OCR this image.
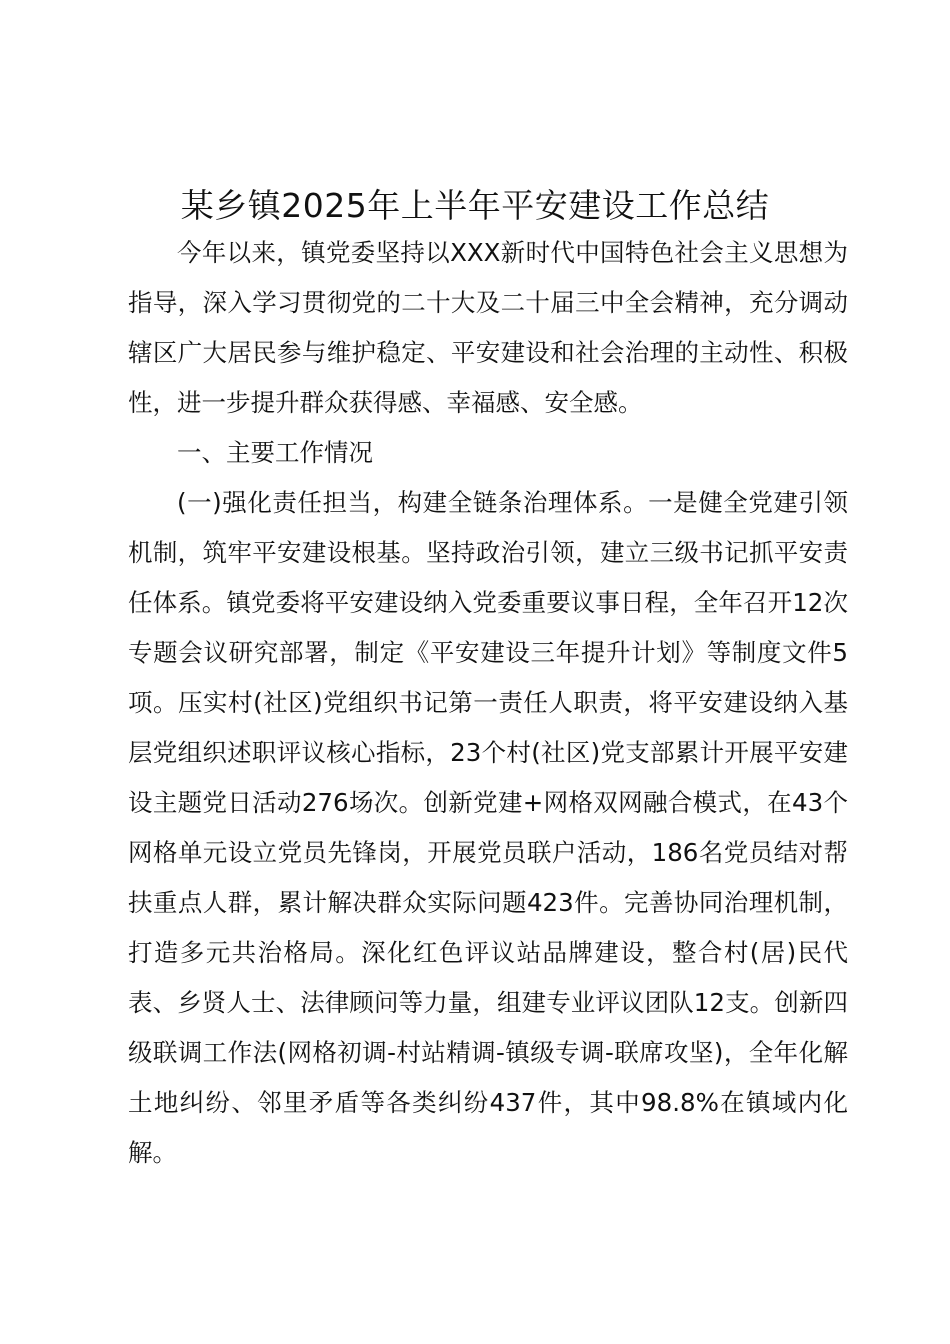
某乡镇2025年上半年平安建设工作总结

今年以来，镇党委坚持以XXX新时代中国特色社会主义思想为指导，深入学习贯彻党的二十大及二十届三中全会精神，充分调动辖区广大居民参与维护稳定、平安建设和社会治理的主动性、积极性，进一步提升群众获得感、幸福感、安全感。

一、主要工作情况

(一)强化责任担当，构建全链条治理体系。一是健全党建引领机制，筑牢平安建设根基。坚持政治引领，建立三级书记抓平安责任体系。镇党委将平安建设纳入党委重要议事日程，全年召开12次专题会议研究部署，制定《平安建设三年提升计划》等制度文件5项。压实村(社区)党组织书记第一责任人职责，将平安建设纳入基层党组织述职评议核心指标，23个村(社区)党支部累计开展平安建设主题党日活动276场次。创新党建+网格双网融合模式，在43个网格单元设立党员先锋岗，开展党员联户活动，186名党员结对帮扶重点人群，累计解决群众实际问题423件。完善协同治理机制，打造多元共治格局。深化红色评议站品牌建设，整合村(居)民代表、乡贤人士、法律顾问等力量，组建专业评议团队12支。创新四级联调工作法(网格初调-村站精调-镇级专调-联席攻坚)，全年化解土地纠纷、邻里矛盾等各类纠纷437件，其中98.8%在镇域内化解。
